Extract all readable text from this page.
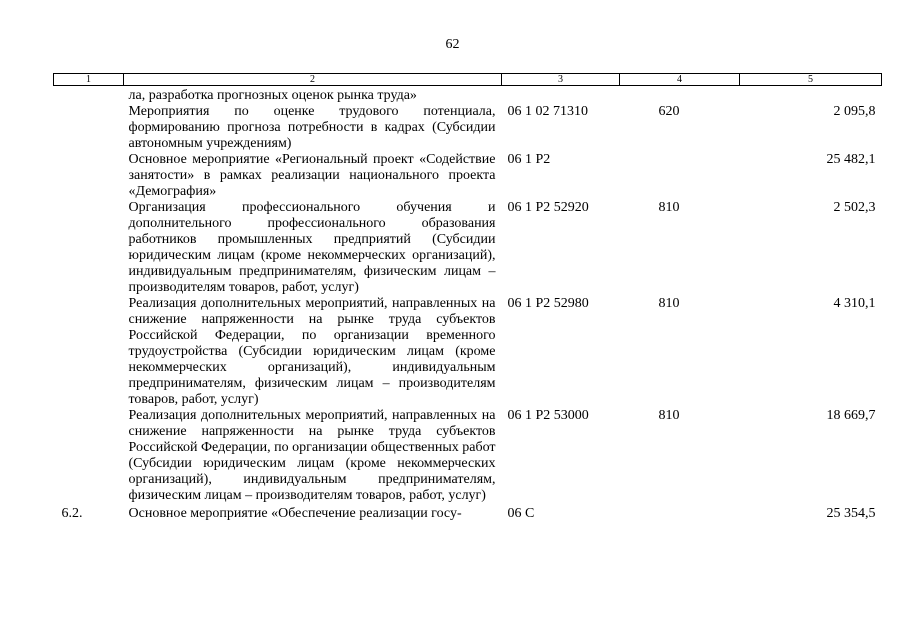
62
1	2	3	4	5
	ла, разработка прогнозных оценок рынка труда»			
	Мероприятия по оценке трудового потенциала, формированию прогноза потребности в кадрах (Субсидии автономным учреждениям)	06 1 02 71310	620	2 095,8
	Основное мероприятие «Региональный проект «Содействие занятости» в рамках реализации национального проекта «Демография»	06 1 Р2		25 482,1
	Организация профессионального обучения и дополнительного профессионального образования работников промышленных предприятий (Субсидии юридическим лицам (кроме некоммерческих организаций), индивидуальным предпринимателям, физическим лицам – производителям товаров, работ, услуг)	06 1 Р2 52920	810	2 502,3
	Реализация дополнительных мероприятий, направленных на снижение напряженности на рынке труда субъектов Российской Федерации, по организации временного трудоустройства (Субсидии юридическим лицам (кроме некоммерческих организаций), индивидуальным предпринимателям, физическим лицам – производителям товаров, работ, услуг)	06 1 Р2 52980	810	4 310,1
	Реализация дополнительных мероприятий, направленных на снижение напряженности на рынке труда субъектов Российской Федерации, по организации общественных работ (Субсидии юридическим лицам (кроме некоммерческих организаций), индивидуальным предпринимателям, физическим лицам – производителям товаров, работ, услуг)	06 1 Р2 53000	810	18 669,7
6.2.	Основное мероприятие «Обеспечение реализации госу-	06 С		25 354,5
